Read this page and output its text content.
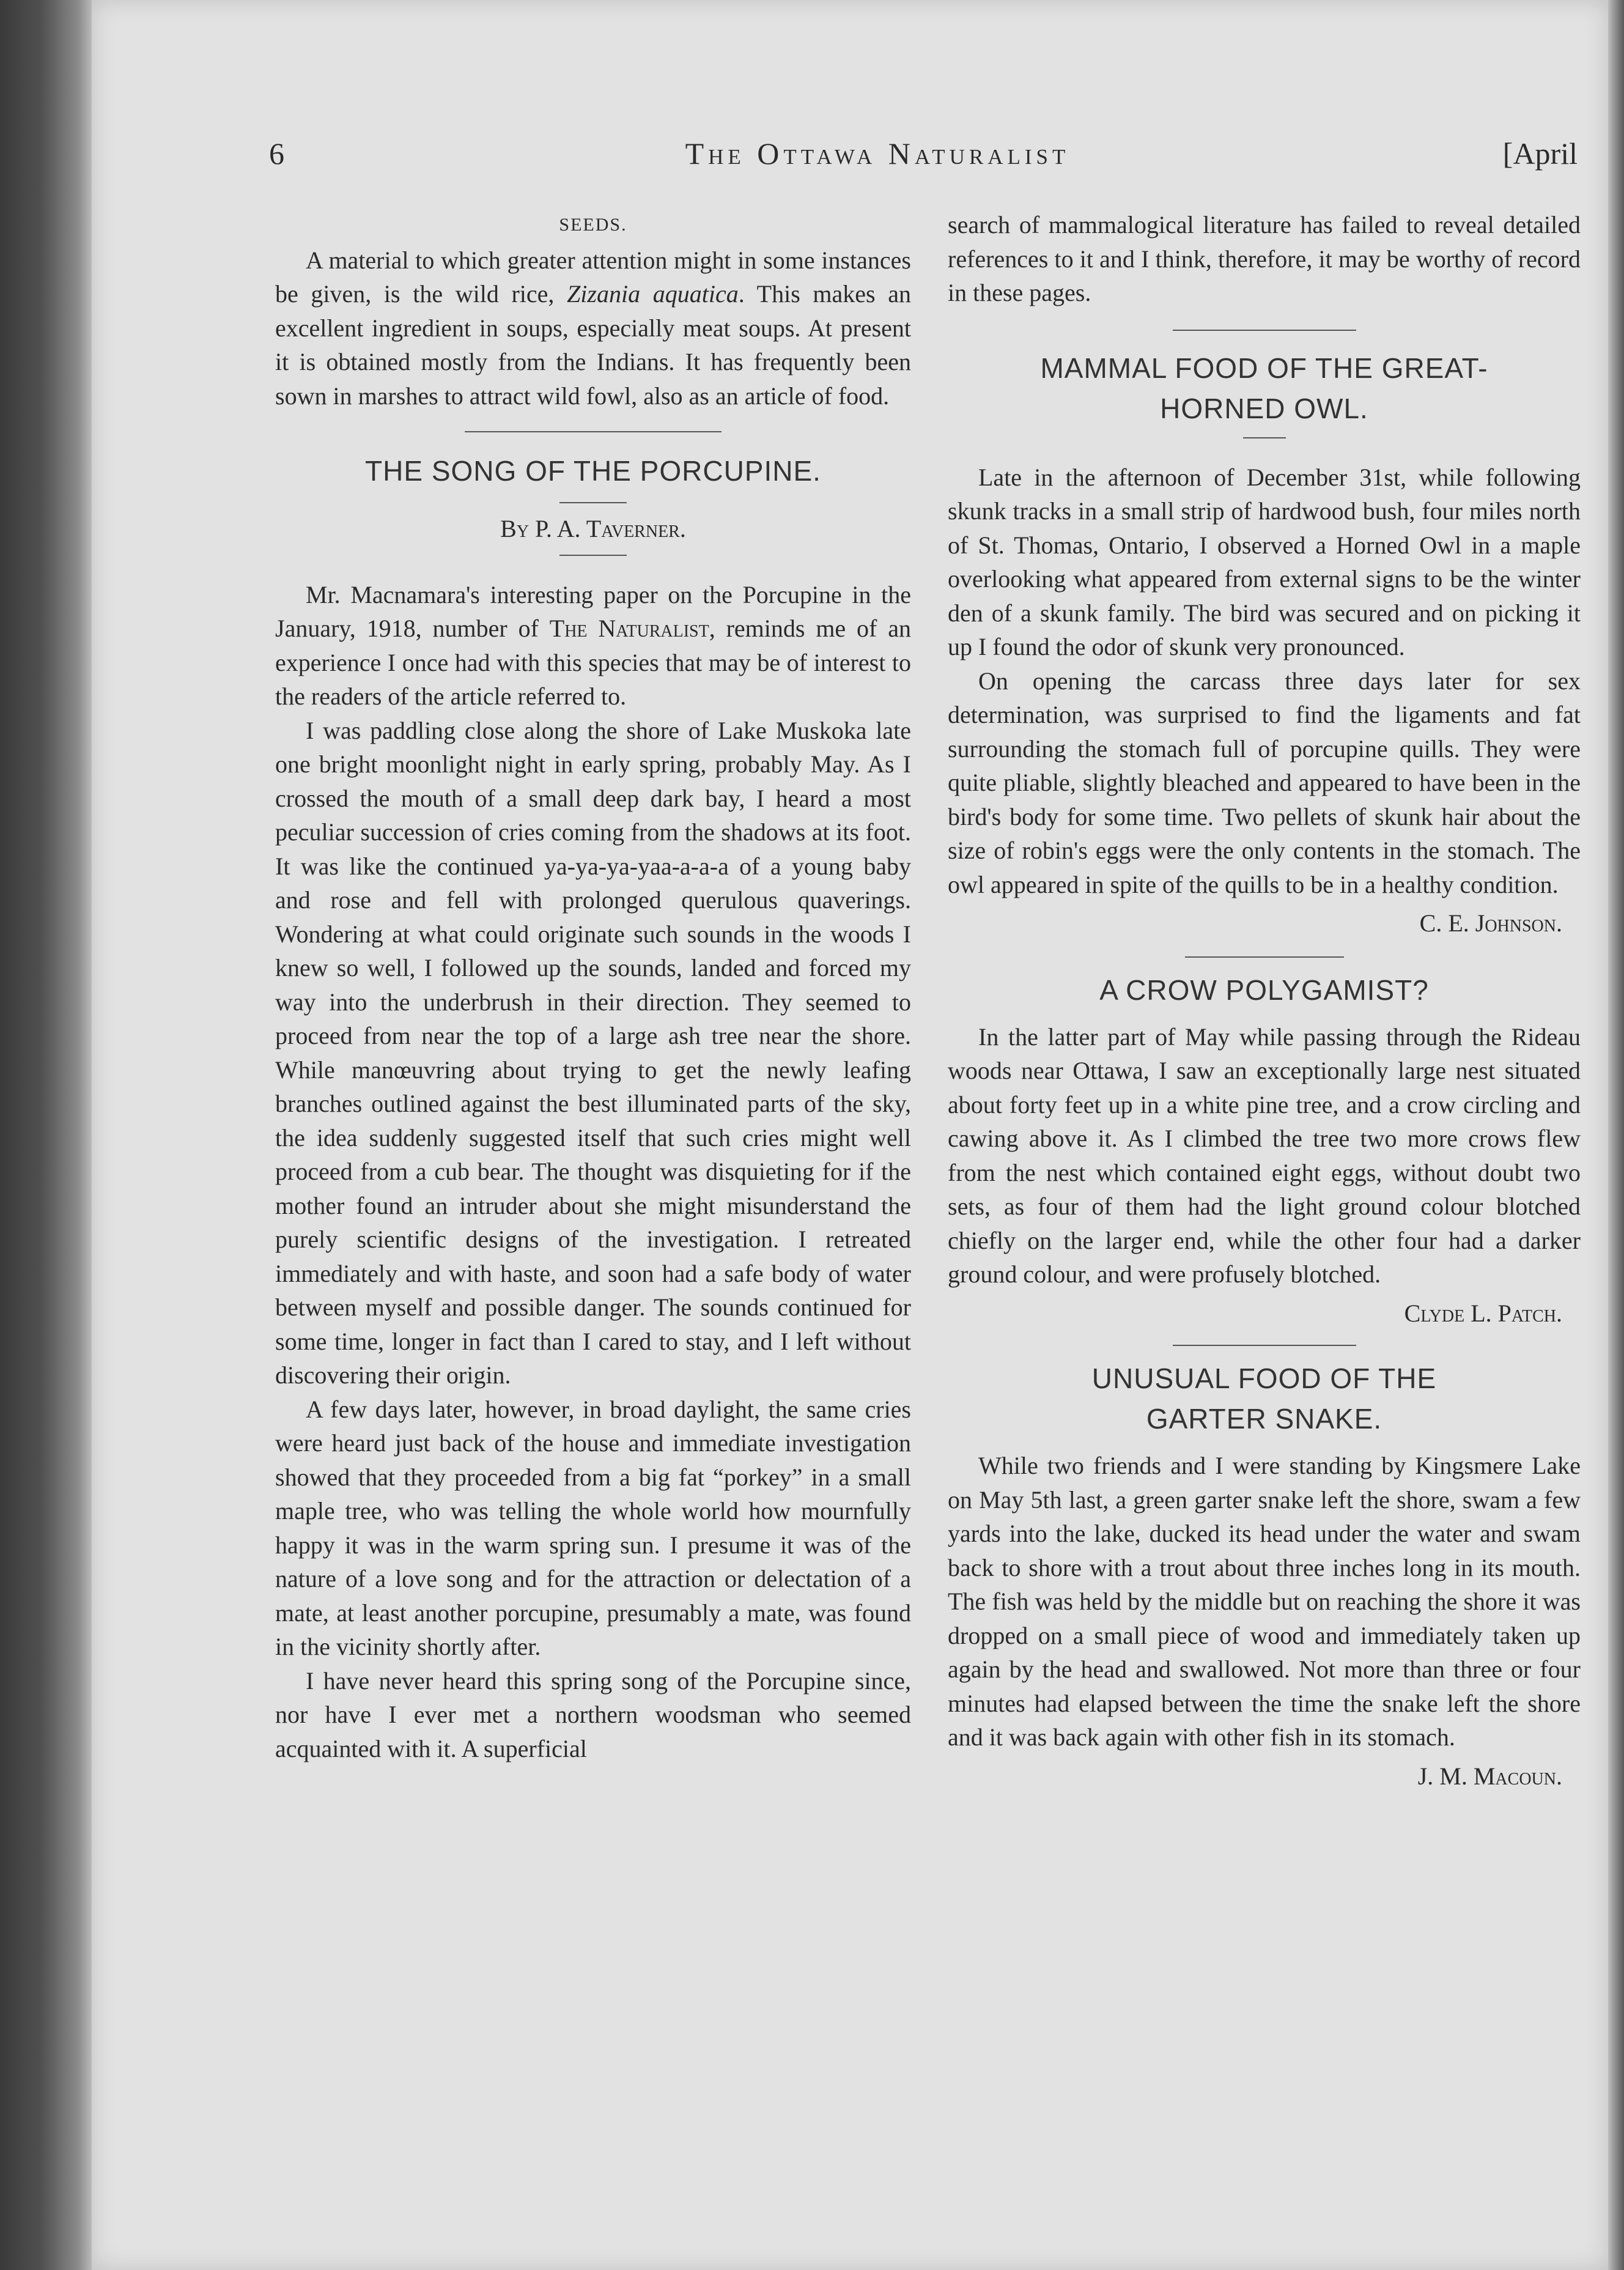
6	The Ottawa Naturalist	[April

SEEDS.

A material to which greater attention might in some instances be given, is the wild rice, Zizania aquatica. This makes an excellent ingredient in soups, especially meat soups. At present it is obtained mostly from the Indians. It has frequently been sown in marshes to attract wild fowl, also as an article of food.

THE SONG OF THE PORCUPINE.

By P. A. Taverner.

Mr. Macnamara's interesting paper on the Porcupine in the January, 1918, number of The Naturalist, reminds me of an experience I once had with this species that may be of interest to the readers of the article referred to.

I was paddling close along the shore of Lake Muskoka late one bright moonlight night in early spring, probably May. As I crossed the mouth of a small deep dark bay, I heard a most peculiar succession of cries coming from the shadows at its foot. It was like the continued ya-ya-ya-yaa-a-a-a of a young baby and rose and fell with prolonged querulous quaverings. Wondering at what could originate such sounds in the woods I knew so well, I followed up the sounds, landed and forced my way into the underbrush in their direction. They seemed to proceed from near the top of a large ash tree near the shore. While manœuvring about trying to get the newly leafing branches outlined against the best illuminated parts of the sky, the idea suddenly suggested itself that such cries might well proceed from a cub bear. The thought was disquieting for if the mother found an intruder about she might misunderstand the purely scientific designs of the investigation. I retreated immediately and with haste, and soon had a safe body of water between myself and possible danger. The sounds continued for some time, longer in fact than I cared to stay, and I left without discovering their origin.

A few days later, however, in broad daylight, the same cries were heard just back of the house and immediate investigation showed that they proceeded from a big fat “porkey” in a small maple tree, who was telling the whole world how mournfully happy it was in the warm spring sun. I presume it was of the nature of a love song and for the attraction or delectation of a mate, at least another porcupine, presumably a mate, was found in the vicinity shortly after.

I have never heard this spring song of the Porcupine since, nor have I ever met a northern woodsman who seemed acquainted with it. A superficial

search of mammalogical literature has failed to reveal detailed references to it and I think, therefore, it may be worthy of record in these pages.

MAMMAL FOOD OF THE GREAT-
HORNED OWL.

Late in the afternoon of December 31st, while following skunk tracks in a small strip of hardwood bush, four miles north of St. Thomas, Ontario, I observed a Horned Owl in a maple overlooking what appeared from external signs to be the winter den of a skunk family. The bird was secured and on picking it up I found the odor of skunk very pronounced.

On opening the carcass three days later for sex determination, was surprised to find the ligaments and fat surrounding the stomach full of porcupine quills. They were quite pliable, slightly bleached and appeared to have been in the bird's body for some time. Two pellets of skunk hair about the size of robin's eggs were the only contents in the stomach. The owl appeared in spite of the quills to be in a healthy condition.

C. E. Johnson.

A CROW POLYGAMIST?

In the latter part of May while passing through the Rideau woods near Ottawa, I saw an exceptionally large nest situated about forty feet up in a white pine tree, and a crow circling and cawing above it. As I climbed the tree two more crows flew from the nest which contained eight eggs, without doubt two sets, as four of them had the light ground colour blotched chiefly on the larger end, while the other four had a darker ground colour, and were profusely blotched.

Clyde L. Patch.

UNUSUAL FOOD OF THE
GARTER SNAKE.

While two friends and I were standing by Kingsmere Lake on May 5th last, a green garter snake left the shore, swam a few yards into the lake, ducked its head under the water and swam back to shore with a trout about three inches long in its mouth. The fish was held by the middle but on reaching the shore it was dropped on a small piece of wood and immediately taken up again by the head and swallowed. Not more than three or four minutes had elapsed between the time the snake left the shore and it was back again with other fish in its stomach.

J. M. Macoun.
